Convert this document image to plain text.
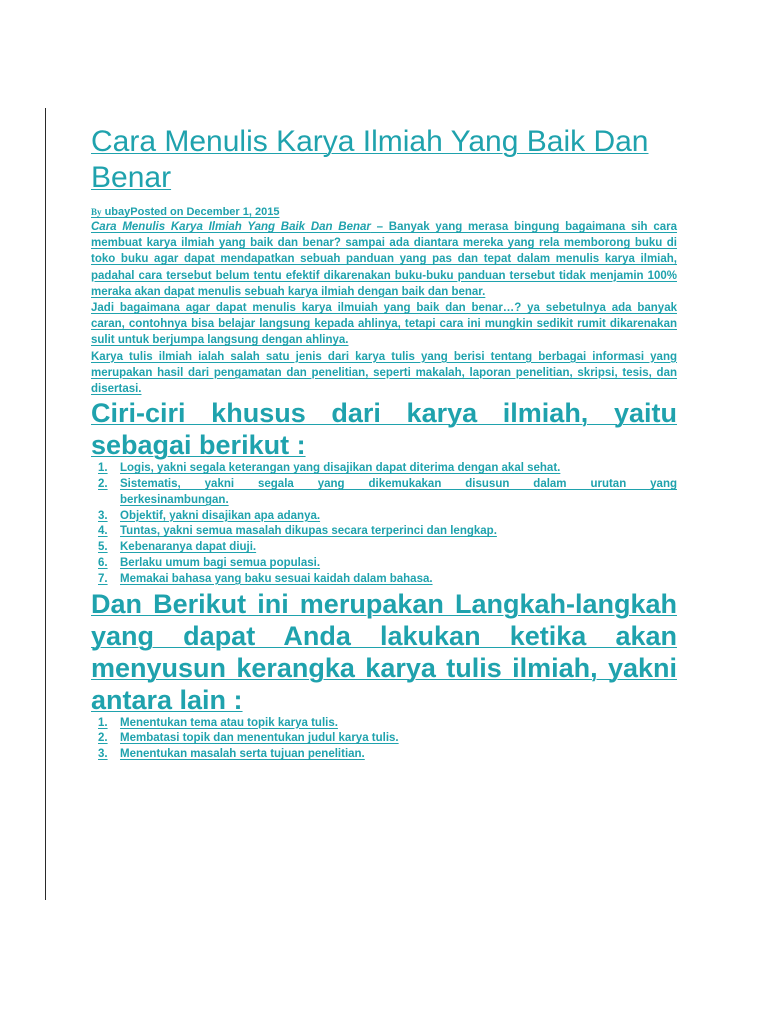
Cara Menulis Karya Ilmiah Yang Baik Dan Benar
By ubayPosted on December 1, 2015

Cara Menulis Karya Ilmiah Yang Baik Dan Benar – Banyak yang merasa bingung bagaimana sih cara membuat karya ilmiah yang baik dan benar? sampai ada diantara mereka yang rela memborong buku di toko buku agar dapat mendapatkan sebuah panduan yang pas dan tepat dalam menulis karya ilmiah, padahal cara tersebut belum tentu efektif dikarenakan buku-buku panduan tersebut tidak menjamin 100% meraka akan dapat menulis sebuah karya ilmiah dengan baik dan benar.

Jadi bagaimana agar dapat menulis karya ilmuiah yang baik dan benar…? ya sebetulnya ada banyak caran, contohnya bisa belajar langsung kepada ahlinya, tetapi cara ini mungkin sedikit rumit dikarenakan sulit untuk berjumpa langsung dengan ahlinya.

Karya tulis ilmiah ialah salah satu jenis dari karya tulis yang berisi tentang berbagai informasi yang merupakan hasil dari pengamatan dan penelitian, seperti makalah, laporan penelitian, skripsi, tesis, dan disertasi.

Ciri-ciri khusus dari karya ilmiah, yaitu sebagai berikut :
1.	Logis, yakni segala keterangan yang disajikan dapat diterima dengan akal sehat.
2.	Sistematis, yakni segala yang dikemukakan disusun dalam urutan yang
berkesinambungan.
3.	Objektif, yakni disajikan apa adanya.
4.	Tuntas, yakni semua masalah dikupas secara terperinci dan lengkap.
5.	Kebenaranya dapat diuji.
6.	Berlaku umum bagi semua populasi.
7.	Memakai bahasa yang baku sesuai kaidah dalam bahasa.
Dan Berikut ini merupakan Langkah-langkah yang dapat Anda lakukan ketika akan menyusun kerangka karya tulis ilmiah, yakni antara lain :
1.	Menentukan tema atau topik karya tulis.
2.	Membatasi topik dan menentukan judul karya tulis.
3.	Menentukan masalah serta tujuan penelitian.
